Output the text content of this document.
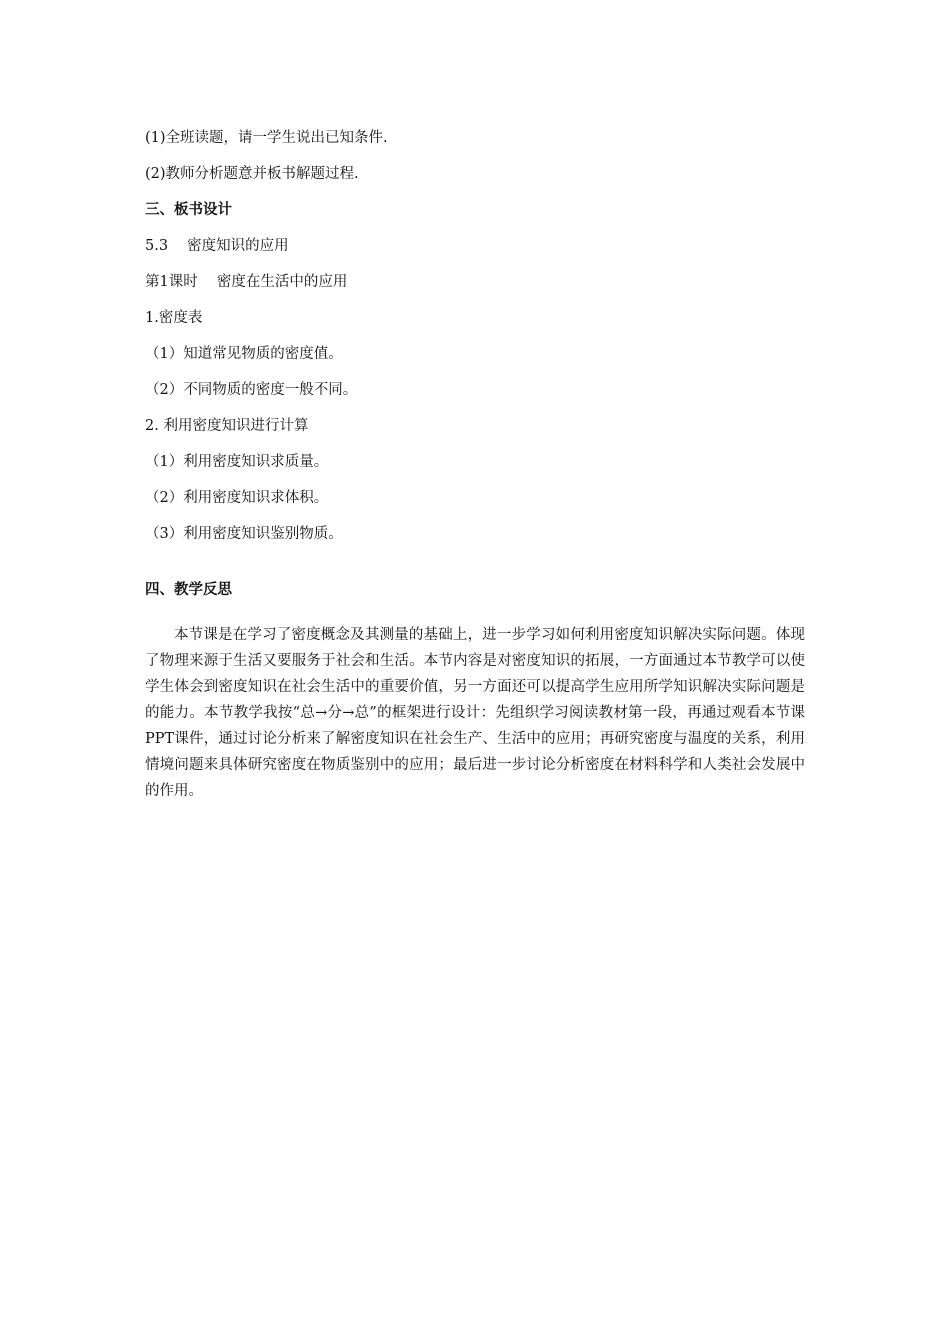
(1)全班读题，请一学生说出已知条件.
(2)教师分析题意并板书解题过程.
三、板书设计
5.3　 密度知识的应用
第1课时　 密度在生活中的应用
1.密度表
（1）知道常见物质的密度值。
（2）不同物质的密度一般不同。
2. 利用密度知识进行计算
（1）利用密度知识求质量。
（2）利用密度知识求体积。
（3）利用密度知识鉴别物质。
四、教学反思
本节课是在学习了密度概念及其测量的基础上，进一步学习如何利用密度知识解决实际问题。体现了物理来源于生活又要服务于社会和生活。本节内容是对密度知识的拓展，一方面通过本节教学可以使学生体会到密度知识在社会生活中的重要价值，另一方面还可以提高学生应用所学知识解决实际问题是的能力。本节教学我按“总→分→总”的框架进行设计：先组织学习阅读教材第一段，再通过观看本节课PPT课件，通过讨论分析来了解密度知识在社会生产、生活中的应用；再研究密度与温度的关系，利用情境问题来具体研究密度在物质鉴别中的应用；最后进一步讨论分析密度在材料科学和人类社会发展中的作用。
